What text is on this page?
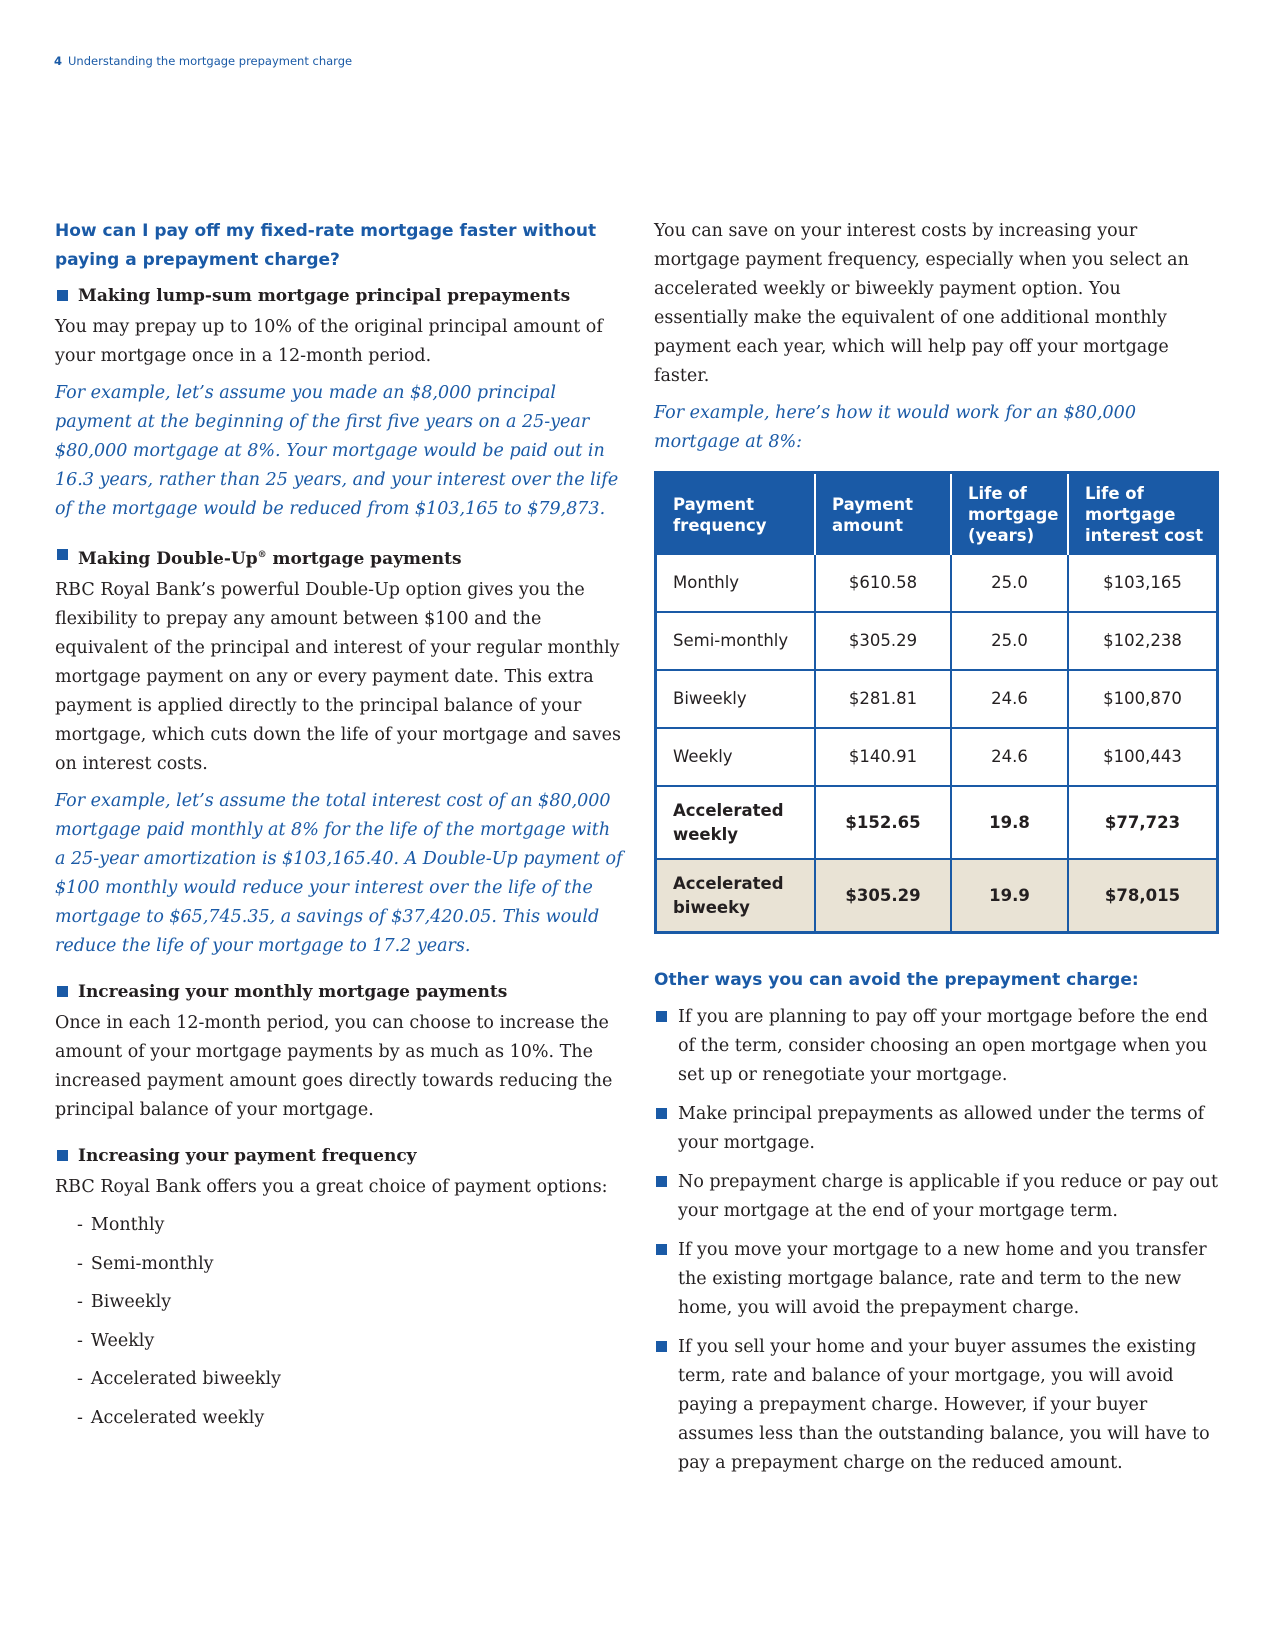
4 Understanding the mortgage prepayment charge

How can I pay off my fixed-rate mortgage faster without paying a prepayment charge?

Making lump-sum mortgage principal prepayments

You may prepay up to 10% of the original principal amount of your mortgage once in a 12-month period.

For example, let’s assume you made an $8,000 principal payment at the beginning of the first five years on a 25-year $80,000 mortgage at 8%. Your mortgage would be paid out in 16.3 years, rather than 25 years, and your interest over the life of the mortgage would be reduced from $103,165 to $79,873.

Making Double-Up® mortgage payments

RBC Royal Bank’s powerful Double-Up option gives you the flexibility to prepay any amount between $100 and the equivalent of the principal and interest of your regular monthly mortgage payment on any or every payment date. This extra payment is applied directly to the principal balance of your mortgage, which cuts down the life of your mortgage and saves on interest costs.

For example, let’s assume the total interest cost of an $80,000 mortgage paid monthly at 8% for the life of the mortgage with a 25-year amortization is $103,165.40. A Double-Up payment of $100 monthly would reduce your interest over the life of the mortgage to $65,745.35, a savings of $37,420.05. This would reduce the life of your mortgage to 17.2 years.

Increasing your monthly mortgage payments

Once in each 12-month period, you can choose to increase the amount of your mortgage payments by as much as 10%. The increased payment amount goes directly towards reducing the principal balance of your mortgage.

Increasing your payment frequency

RBC Royal Bank offers you a great choice of payment options:

- Monthly
- Semi-monthly
- Biweekly
- Weekly
- Accelerated biweekly
- Accelerated weekly

You can save on your interest costs by increasing your mortgage payment frequency, especially when you select an accelerated weekly or biweekly payment option. You essentially make the equivalent of one additional monthly payment each year, which will help pay off your mortgage faster.

For example, here’s how it would work for an $80,000 mortgage at 8%:

Payment
frequency	Payment
amount	Life of
mortgage
(years)	Life of
mortgage
interest cost
Monthly	$610.58	25.0	$103,165
Semi-monthly	$305.29	25.0	$102,238
Biweekly	$281.81	24.6	$100,870
Weekly	$140.91	24.6	$100,443
Accelerated
weekly	$152.65	19.8	$77,723
Accelerated
biweeky	$305.29	19.9	$78,015

Other ways you can avoid the prepayment charge:

If you are planning to pay off your mortgage before the end of the term, consider choosing an open mortgage when you set up or renegotiate your mortgage.
Make principal prepayments as allowed under the terms of your mortgage.
No prepayment charge is applicable if you reduce or pay out your mortgage at the end of your mortgage term.
If you move your mortgage to a new home and you transfer the existing mortgage balance, rate and term to the new home, you will avoid the prepayment charge.
If you sell your home and your buyer assumes the existing term, rate and balance of your mortgage, you will avoid paying a prepayment charge. However, if your buyer assumes less than the outstanding balance, you will have to pay a prepayment charge on the reduced amount.
